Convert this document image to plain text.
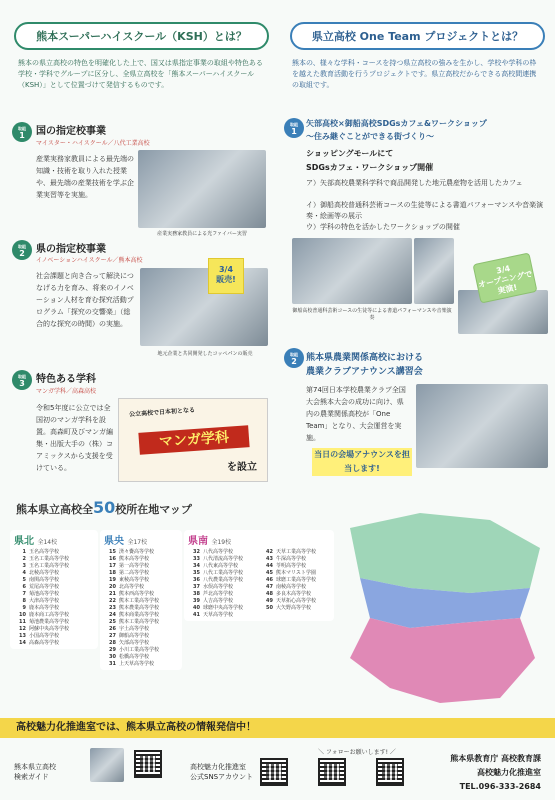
熊本スーパーハイスクール（KSH）とは？
熊本の県立高校の特色を明確化した上で、国又は県指定事業の取組や特色ある学校・学科でグループに区分し、全県立高校を「熊本スーパーハイスクール（KSH）」として位置づけて発信するものです。
取組
1 国の指定校事業
マイスター・ハイスクール／八代工業高校
産業実務家教員による最先端の知識・技術を取り入れた授業や、最先端の産業技術を学ぶ企業実習等を実施。
産業実務家教員による光ファイバー実習
取組
2 県の指定校事業
イノベーションハイスクール／熊本高校
社会課題と向き合って解決につなげる力を育み、将来のイノベーション人材を育む探究活動プログラム「探究の交響楽」（総合的な探究の時間）の実施。
3/4
販売!
地元企業と共同開発したコッペパンの販売
取組
3 特色ある学科
マンガ学科／高森高校
令和5年度に公立では全国初のマンガ学科を設置。高森町及びマンガ編集・出版大手の（株）コアミックスから支援を受けている。
公立高校で日本初となる
マンガ学科
を設立
県立高校 One Team プロジェクトとは？
熊本の、様々な学科・コースを持つ県立高校の強みを生かし、学校や学科の枠を越えた教育活動を行うプロジェクトです。県立高校だからできる高校間連携の取組です。
取組
1
矢部高校×御船高校SDGsカフェ&ワークショップ
〜住み継ぐことができる街づくり〜
ショッピングモールにて
SDGsカフェ・ワークショップ開催
ア）矢部高校農業科学科で商品開発した地元農産物を活用したカフェ
イ）御船高校普通科芸術コースの生徒等による書道パフォーマンスや音楽演奏・絵画等の展示
ウ）学科の特色を活かしたワークショップの開催
御船高校普通科芸術コースの生徒等による書道パフォーマンスや音楽演奏
3/4
オープニングで
実演!
取組
2 熊本県農業関係高校における
農業クラブアナウンス講習会
第74回日本学校農業クラブ全国大会熊本大会の成功に向け、県内の農業関係高校が「One Team」となり、大会運営を実施。
当日の会場アナウンスを担当します!
熊本県立高校全50校所在地マップ
県北 全14校
1 玉名高等学校
2 玉名工業高等学校
3 玉名工業高等学校
4 北稜高等学校
5 南関高等学校
6 荒尾高等学校
7 菊池高等学校
8 大津高等学校
9 鹿本高等学校
10 鹿本商工高等学校
11 菊池農業高等学校
12 阿蘇中央高等学校
13 小国高等学校
14 高森高等学校
県央 全17校
15 済々黌高等学校
16 熊本高等学校
17 第一高等学校
18 第二高等学校
19 東稜高等学校
20 北高等学校
21 熊本西高等学校
22 熊本工業高等学校
23 熊本農業高等学校
24 熊本商業高等学校
25 熊本工業高等学校
26 宇土高等学校
27 御船高等学校
28 矢部高等学校
29 小川工業高等学校
30 松橋高等学校
31 上天草高等学校
県南 全19校
32 八代高等学校
33 八代清流高等学校
34 八代東高等学校
35 八代工業高等学校
36 八代農業高等学校
37 水俣高等学校
38 芦北高等学校
39 人吉高等学校
40 球磨中央高等学校
41 天草高等学校
42 天草工業高等学校
43 牛深高等学校
44 苓明高等学校
45 熊本マリスト学園
46 球磨工業高等学校
47 南稜高等学校
48 多良木高等学校
49 天草拓心高等学校
50 大矢野高等学校
高校魅力化推進室では、熊本県立高校の情報発信中！
熊本県立高校
検索ガイド
高校魅力化推進室
公式SNSアカウント
＼ フォローお願いします! ／
熊本県教育庁 高校教育課
高校魅力化推進室
TEL.096-333-2684
